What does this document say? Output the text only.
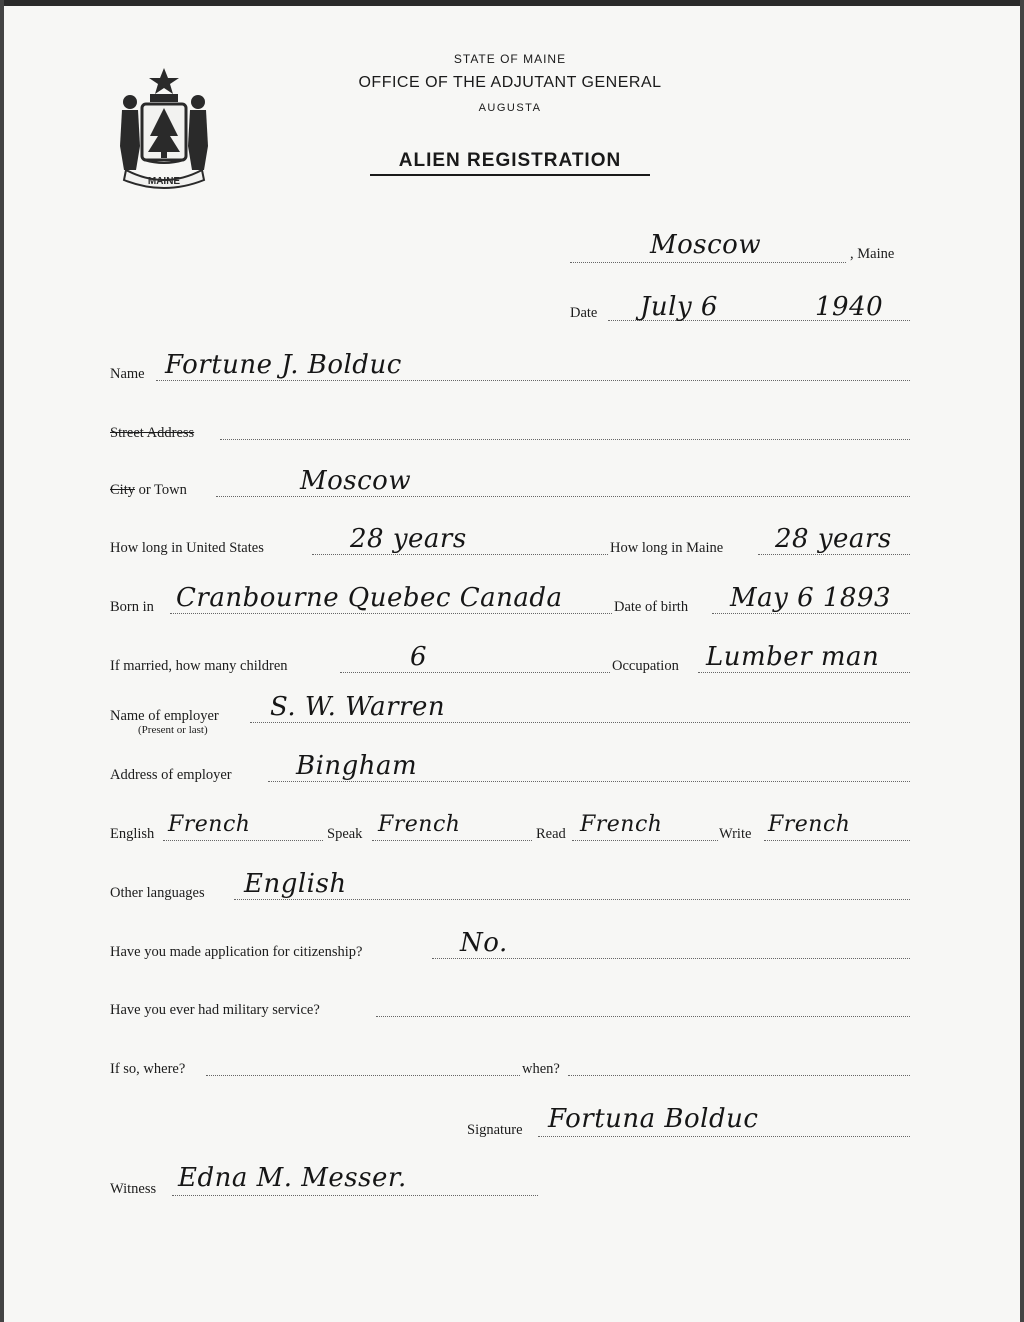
MAINE
STATE OF MAINE
OFFICE OF THE ADJUTANT GENERAL
AUGUSTA
ALIEN REGISTRATION
Moscow	, Maine
Date July 6	1940
Name Fortune J. Bolduc
Street Address
City or Town	Moscow
How long in United States	28 years	How long in Maine 28 years
Born in Cranbourne Quebec Canada	Date of birth May 6 1893
If married, how many children	6	Occupation Lumber man
Name of employer
(Present or last)
S. W. Warren
Address of employer Bingham
English French	Speak French	Read French	Write French
Other languages English
Have you made application for citizenship?	No.
Have you ever had military service?
If so, where?	when?
Signature Fortuna Bolduc
Witness Edna M. Messer.
